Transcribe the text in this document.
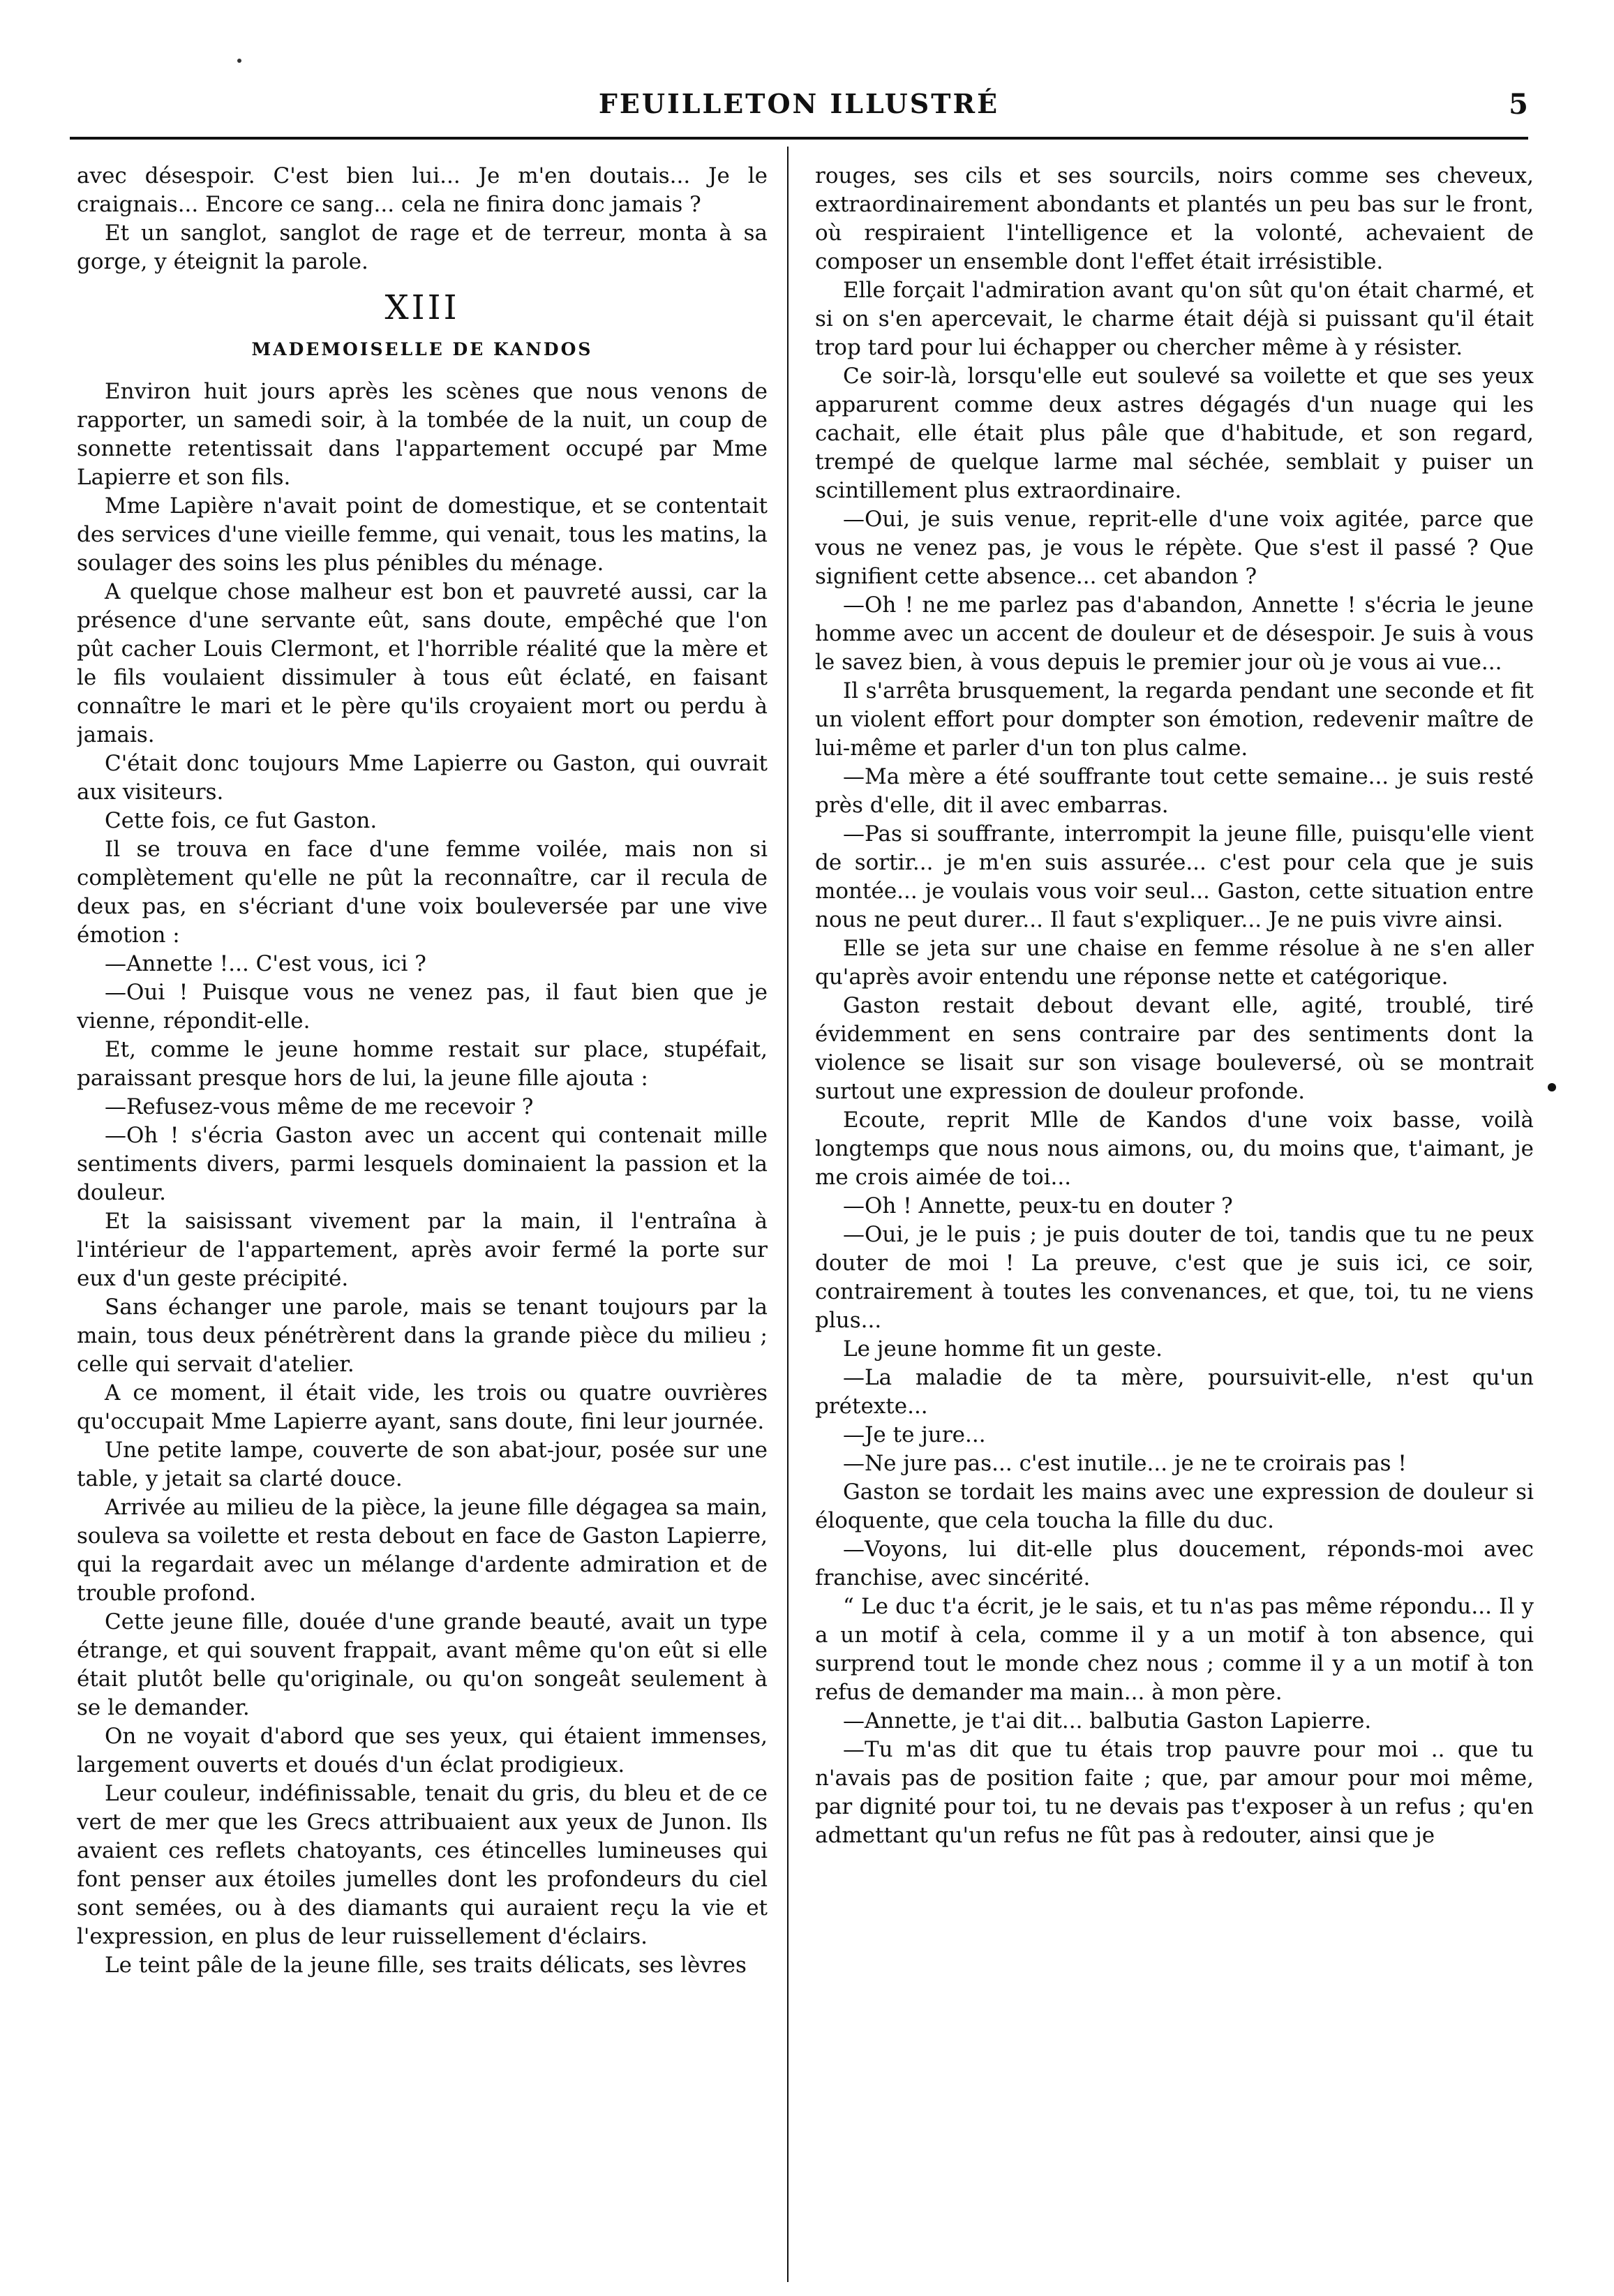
FEUILLETON ILLUSTRÉ	5

avec désespoir. C'est bien lui... Je m'en doutais... Je le craignais... Encore ce sang... cela ne finira donc jamais ?

Et un sanglot, sanglot de rage et de terreur, monta à sa gorge, y éteignit la parole.

XIII
MADEMOISELLE DE KANDOS

Environ huit jours après les scènes que nous venons de rapporter, un samedi soir, à la tombée de la nuit, un coup de sonnette retentissait dans l'appartement occupé par Mme Lapierre et son fils.

Mme Lapière n'avait point de domestique, et se contentait des services d'une vieille femme, qui venait, tous les matins, la soulager des soins les plus pénibles du ménage.

A quelque chose malheur est bon et pauvreté aussi, car la présence d'une servante eût, sans doute, empêché que l'on pût cacher Louis Clermont, et l'horrible réalité que la mère et le fils voulaient dissimuler à tous eût éclaté, en faisant connaître le mari et le père qu'ils croyaient mort ou perdu à jamais.

C'était donc toujours Mme Lapierre ou Gaston, qui ouvrait aux visiteurs.

Cette fois, ce fut Gaston.

Il se trouva en face d'une femme voilée, mais non si complètement qu'elle ne pût la reconnaître, car il recula de deux pas, en s'écriant d'une voix bouleversée par une vive émotion :

—Annette !... C'est vous, ici ?

—Oui ! Puisque vous ne venez pas, il faut bien que je vienne, répondit-elle.

Et, comme le jeune homme restait sur place, stupéfait, paraissant presque hors de lui, la jeune fille ajouta :

—Refusez-vous même de me recevoir ?

—Oh ! s'écria Gaston avec un accent qui contenait mille sentiments divers, parmi lesquels dominaient la passion et la douleur.

Et la saisissant vivement par la main, il l'entraîna à l'intérieur de l'appartement, après avoir fermé la porte sur eux d'un geste précipité.

Sans échanger une parole, mais se tenant toujours par la main, tous deux pénétrèrent dans la grande pièce du milieu ; celle qui servait d'atelier.

A ce moment, il était vide, les trois ou quatre ouvrières qu'occupait Mme Lapierre ayant, sans doute, fini leur journée.

Une petite lampe, couverte de son abat-jour, posée sur une table, y jetait sa clarté douce.

Arrivée au milieu de la pièce, la jeune fille dégagea sa main, souleva sa voilette et resta debout en face de Gaston Lapierre, qui la regardait avec un mélange d'ardente admiration et de trouble profond.

Cette jeune fille, douée d'une grande beauté, avait un type étrange, et qui souvent frappait, avant même qu'on eût si elle était plutôt belle qu'originale, ou qu'on songeât seulement à se le demander.

On ne voyait d'abord que ses yeux, qui étaient immenses, largement ouverts et doués d'un éclat prodigieux.

Leur couleur, indéfinissable, tenait du gris, du bleu et de ce vert de mer que les Grecs attribuaient aux yeux de Junon. Ils avaient ces reflets chatoyants, ces étincelles lumineuses qui font penser aux étoiles jumelles dont les profondeurs du ciel sont semées, ou à des diamants qui auraient reçu la vie et l'expression, en plus de leur ruissellement d'éclairs.

Le teint pâle de la jeune fille, ses traits délicats, ses lèvres

rouges, ses cils et ses sourcils, noirs comme ses cheveux, extraordinairement abondants et plantés un peu bas sur le front, où respiraient l'intelligence et la volonté, achevaient de composer un ensemble dont l'effet était irrésistible.

Elle forçait l'admiration avant qu'on sût qu'on était charmé, et si on s'en apercevait, le charme était déjà si puissant qu'il était trop tard pour lui échapper ou chercher même à y résister.

Ce soir-là, lorsqu'elle eut soulevé sa voilette et que ses yeux apparurent comme deux astres dégagés d'un nuage qui les cachait, elle était plus pâle que d'habitude, et son regard, trempé de quelque larme mal séchée, semblait y puiser un scintillement plus extraordinaire.

—Oui, je suis venue, reprit-elle d'une voix agitée, parce que vous ne venez pas, je vous le répète. Que s'est il passé ? Que signifient cette absence... cet abandon ?

—Oh ! ne me parlez pas d'abandon, Annette ! s'écria le jeune homme avec un accent de douleur et de désespoir. Je suis à vous le savez bien, à vous depuis le premier jour où je vous ai vue...

Il s'arrêta brusquement, la regarda pendant une seconde et fit un violent effort pour dompter son émotion, redevenir maître de lui-même et parler d'un ton plus calme.

—Ma mère a été souffrante tout cette semaine... je suis resté près d'elle, dit il avec embarras.

—Pas si souffrante, interrompit la jeune fille, puisqu'elle vient de sortir... je m'en suis assurée... c'est pour cela que je suis montée... je voulais vous voir seul... Gaston, cette situation entre nous ne peut durer... Il faut s'expliquer... Je ne puis vivre ainsi.

Elle se jeta sur une chaise en femme résolue à ne s'en aller qu'après avoir entendu une réponse nette et catégorique.

Gaston restait debout devant elle, agité, troublé, tiré évidemment en sens contraire par des sentiments dont la violence se lisait sur son visage bouleversé, où se montrait surtout une expression de douleur profonde.

Ecoute, reprit Mlle de Kandos d'une voix basse, voilà longtemps que nous nous aimons, ou, du moins que, t'aimant, je me crois aimée de toi...

—Oh ! Annette, peux-tu en douter ?

—Oui, je le puis ; je puis douter de toi, tandis que tu ne peux douter de moi ! La preuve, c'est que je suis ici, ce soir, contrairement à toutes les convenances, et que, toi, tu ne viens plus...

Le jeune homme fit un geste.

—La maladie de ta mère, poursuivit-elle, n'est qu'un prétexte...

—Je te jure...

—Ne jure pas... c'est inutile... je ne te croirais pas !

Gaston se tordait les mains avec une expression de douleur si éloquente, que cela toucha la fille du duc.

—Voyons, lui dit-elle plus doucement, réponds-moi avec franchise, avec sincérité.

“ Le duc t'a écrit, je le sais, et tu n'as pas même répondu... Il y a un motif à cela, comme il y a un motif à ton absence, qui surprend tout le monde chez nous ; comme il y a un motif à ton refus de demander ma main... à mon père.

—Annette, je t'ai dit... balbutia Gaston Lapierre.

—Tu m'as dit que tu étais trop pauvre pour moi .. que tu n'avais pas de position faite ; que, par amour pour moi même, par dignité pour toi, tu ne devais pas t'exposer à un refus ; qu'en admettant qu'un refus ne fût pas à redouter, ainsi que je
